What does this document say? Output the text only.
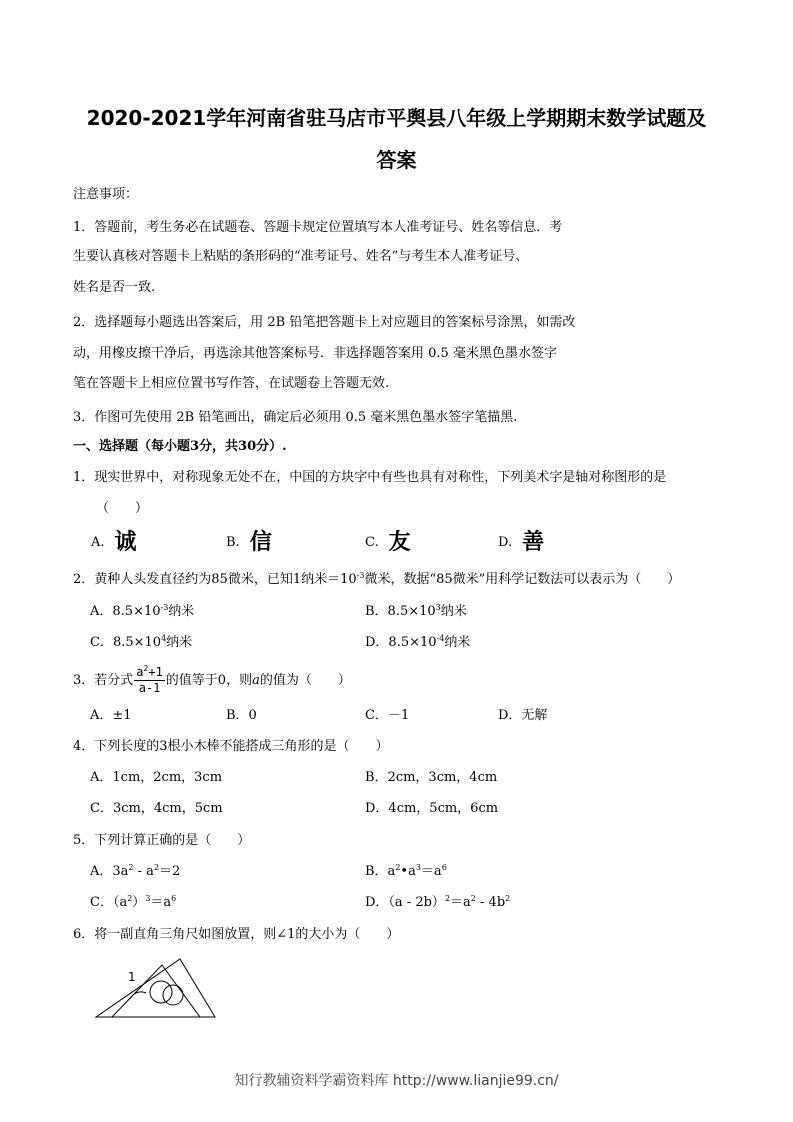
2020-2021学年河南省驻马店市平舆县八年级上学期期末数学试题及
答案
注意事项：
1．答题前，考生务必在试题卷、答题卡规定位置填写本人准考证号、姓名等信息．考
生要认真核对答题卡上粘贴的条形码的“准考证号、姓名”与考生本人准考证号、
姓名是否一致.
2．选择题每小题选出答案后，用 2B 铅笔把答题卡上对应题目的答案标号涂黑，如需改
动，用橡皮擦干净后，再选涂其他答案标号．非选择题答案用 0.5 毫米黑色墨水签字
笔在答题卡上相应位置书写作答，在试题卷上答题无效.
3．作图可先使用 2B 铅笔画出，确定后必须用 0.5 毫米黑色墨水签字笔描黑.
一、选择题（每小题3分，共30分）.
1．现实世界中，对称现象无处不在，中国的方块字中有些也具有对称性，下列美术字是轴对称图形的是
（　　）
A. 诚	B. 信	C. 友	D. 善
2．黄种人头发直径约为85微米，已知1纳米$=10^{-3}$微米，数据“85微米”用科学记数法可以表示为（　　）
A．$8.5\times 10^{-3}$纳米	B．$8.5\times 10^3$纳米
C．$8.5\times 10^4$纳米	D．$8.5\times 10^{-4}$纳米
3．若分式 $\frac{a^2+1}{a-1}$ 的值等于0，则a的值为（　　）
A．±1	B．0	C．－1	D．无解
4．下列长度的3根小木棒不能搭成三角形的是（　　）
A．1cm，2cm，3cm	B．2cm，3cm，4cm
C．3cm，4cm，5cm	D．4cm，5cm，6cm
5．下列计算正确的是（　　）
A．$3a^2 - a^2=2$	B．$a^2•a^3=a^6$
C．$(a^2)^3=a^6$	D．$(a - 2b)^2=a^2 - 4b^2$
6．将一副直角三角尺如图放置，则∠1的大小为（　　）
1
知行教辅资料学霸资料库 http://www.lianjie99.cn/
